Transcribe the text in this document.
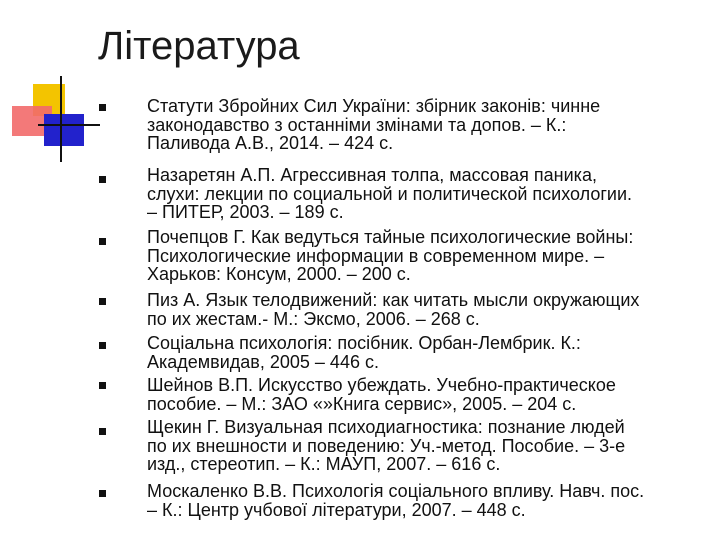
Література
Статути Збройних Сил України: збірник законів: чинне
законодавство з останніми змінами та допов. – К.:
Паливода А.В., 2014. – 424 с.
Назаретян А.П. Агрессивная толпа, массовая паника,
слухи: лекции по социальной и политической психологии.
– ПИТЕР, 2003. – 189 с.
Почепцов Г. Как ведуться тайные психологические войны:
Психологические информации в современном мире. –
Харьков: Консум, 2000. – 200 с.
Пиз А. Язык телодвижений: как читать мысли окружающих
по их жестам.- М.: Эксмо, 2006. – 268 с.
Соціальна психологія: посібник. Орбан-Лембрик. К.:
Академвидав, 2005 – 446 с.
Шейнов В.П. Искусство убеждать. Учебно-практическое
пособие. – М.: ЗАО «»Книга сервис», 2005. – 204 с.
Щекин Г. Визуальная психодиагностика: познание людей
по их внешности и поведению: Уч.-метод. Пособие. – 3-е
изд., стереотип. – К.: МАУП, 2007. – 616 с.
Москаленко В.В. Психологія соціального впливу. Навч. пос.
– К.: Центр учбової літератури, 2007. – 448 с.
